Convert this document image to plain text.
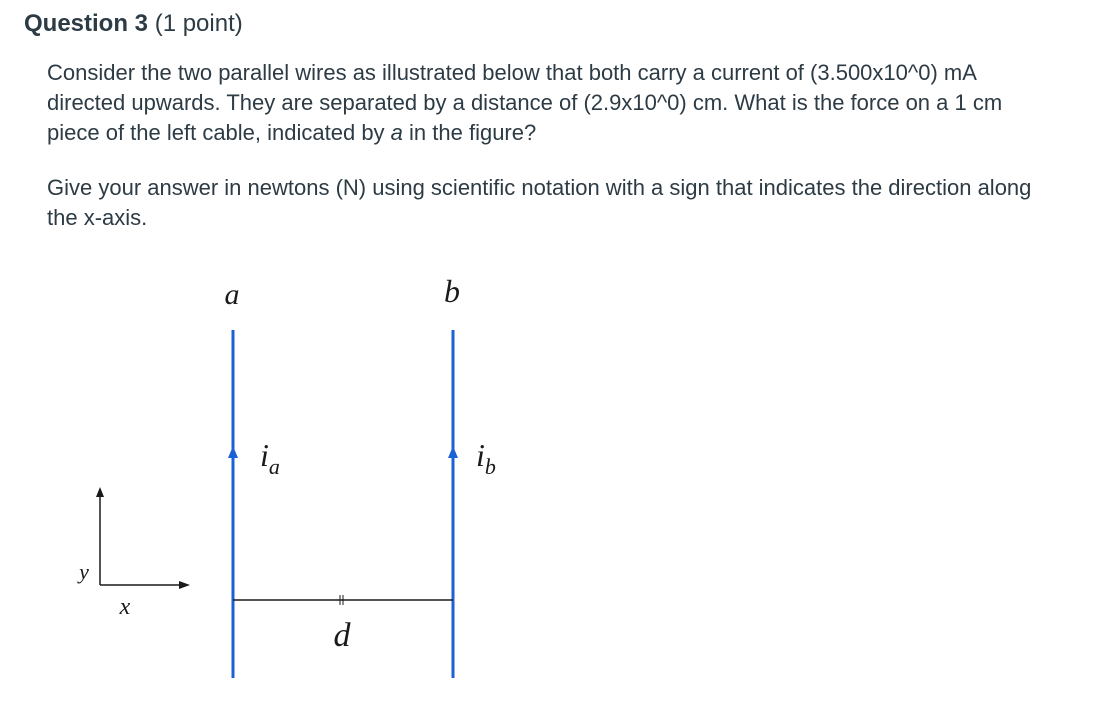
Question 3 (1 point)

Consider the two parallel wires as illustrated below that both carry a current of (3.500x10^0) mA directed upwards. They are separated by a distance of (2.9x10^0) cm. What is the force on a 1 cm piece of the left cable, indicated by a in the figure?

Give your answer in newtons (N) using scientific notation with a sign that indicates the direction along the x-axis.

a	b
ia	ib
d
y
x
